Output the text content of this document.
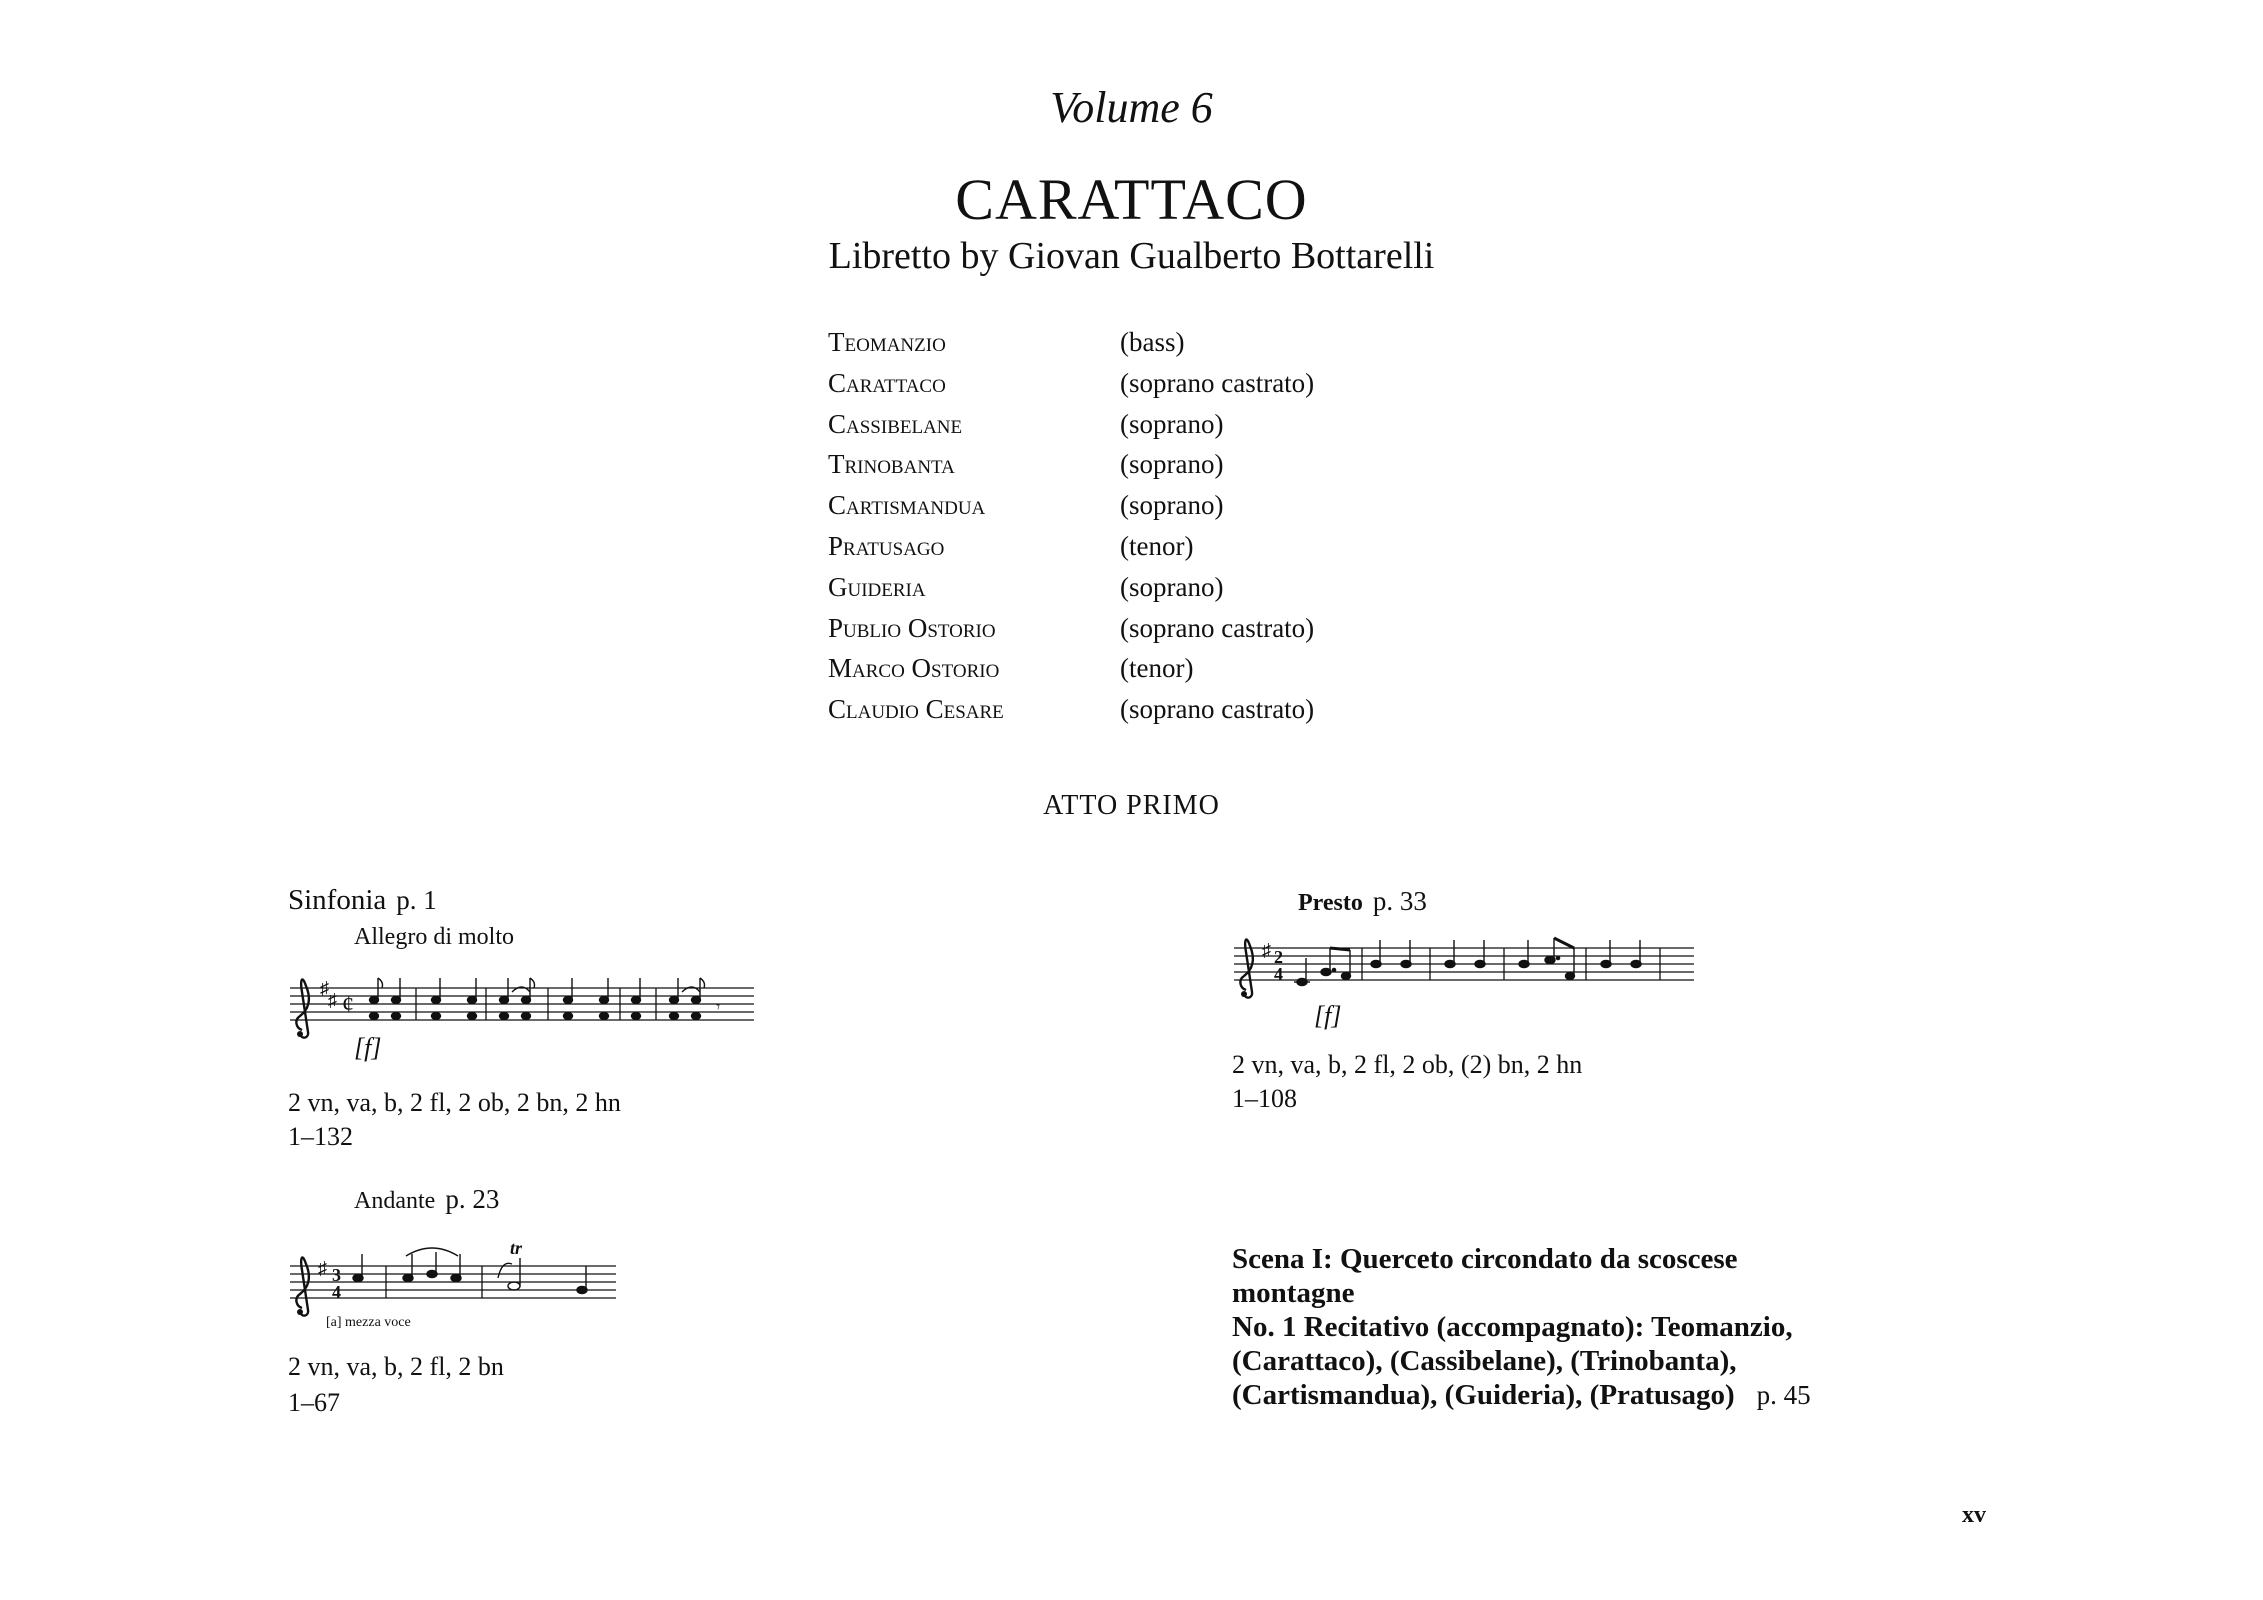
Volume 6
CARATTACO
Libretto by Giovan Gualberto Bottarelli
Teomanzio	(bass)
Carattaco	(soprano castrato)
Cassibelane	(soprano)
Trinobanta	(soprano)
Cartismandua	(soprano)
Pratusago	(tenor)
Guideria	(soprano)
Publio Ostorio	(soprano castrato)
Marco Ostorio	(tenor)
Claudio Cesare	(soprano castrato)
ATTO PRIMO
Sinfonia p. 1
Allegro di molto
♯
♯ ¢	𝄾
[f]
2 vn, va, b, 2 fl, 2 ob, 2 bn, 2 hn
1–132
Andante p. 23
♯ 3
4
tr
[a] mezza voce
2 vn, va, b, 2 fl, 2 bn
1–67
Presto p. 33
♯ 2
4
[f]
2 vn, va, b, 2 fl, 2 ob, (2) bn, 2 hn
1–108
Scena I: Querceto circondato da scoscese
montagne
No. 1 Recitativo (accompagnato): Teomanzio,
(Carattaco), (Cassibelane), (Trinobanta),
(Cartismandua), (Guideria), (Pratusago) p. 45
xv
